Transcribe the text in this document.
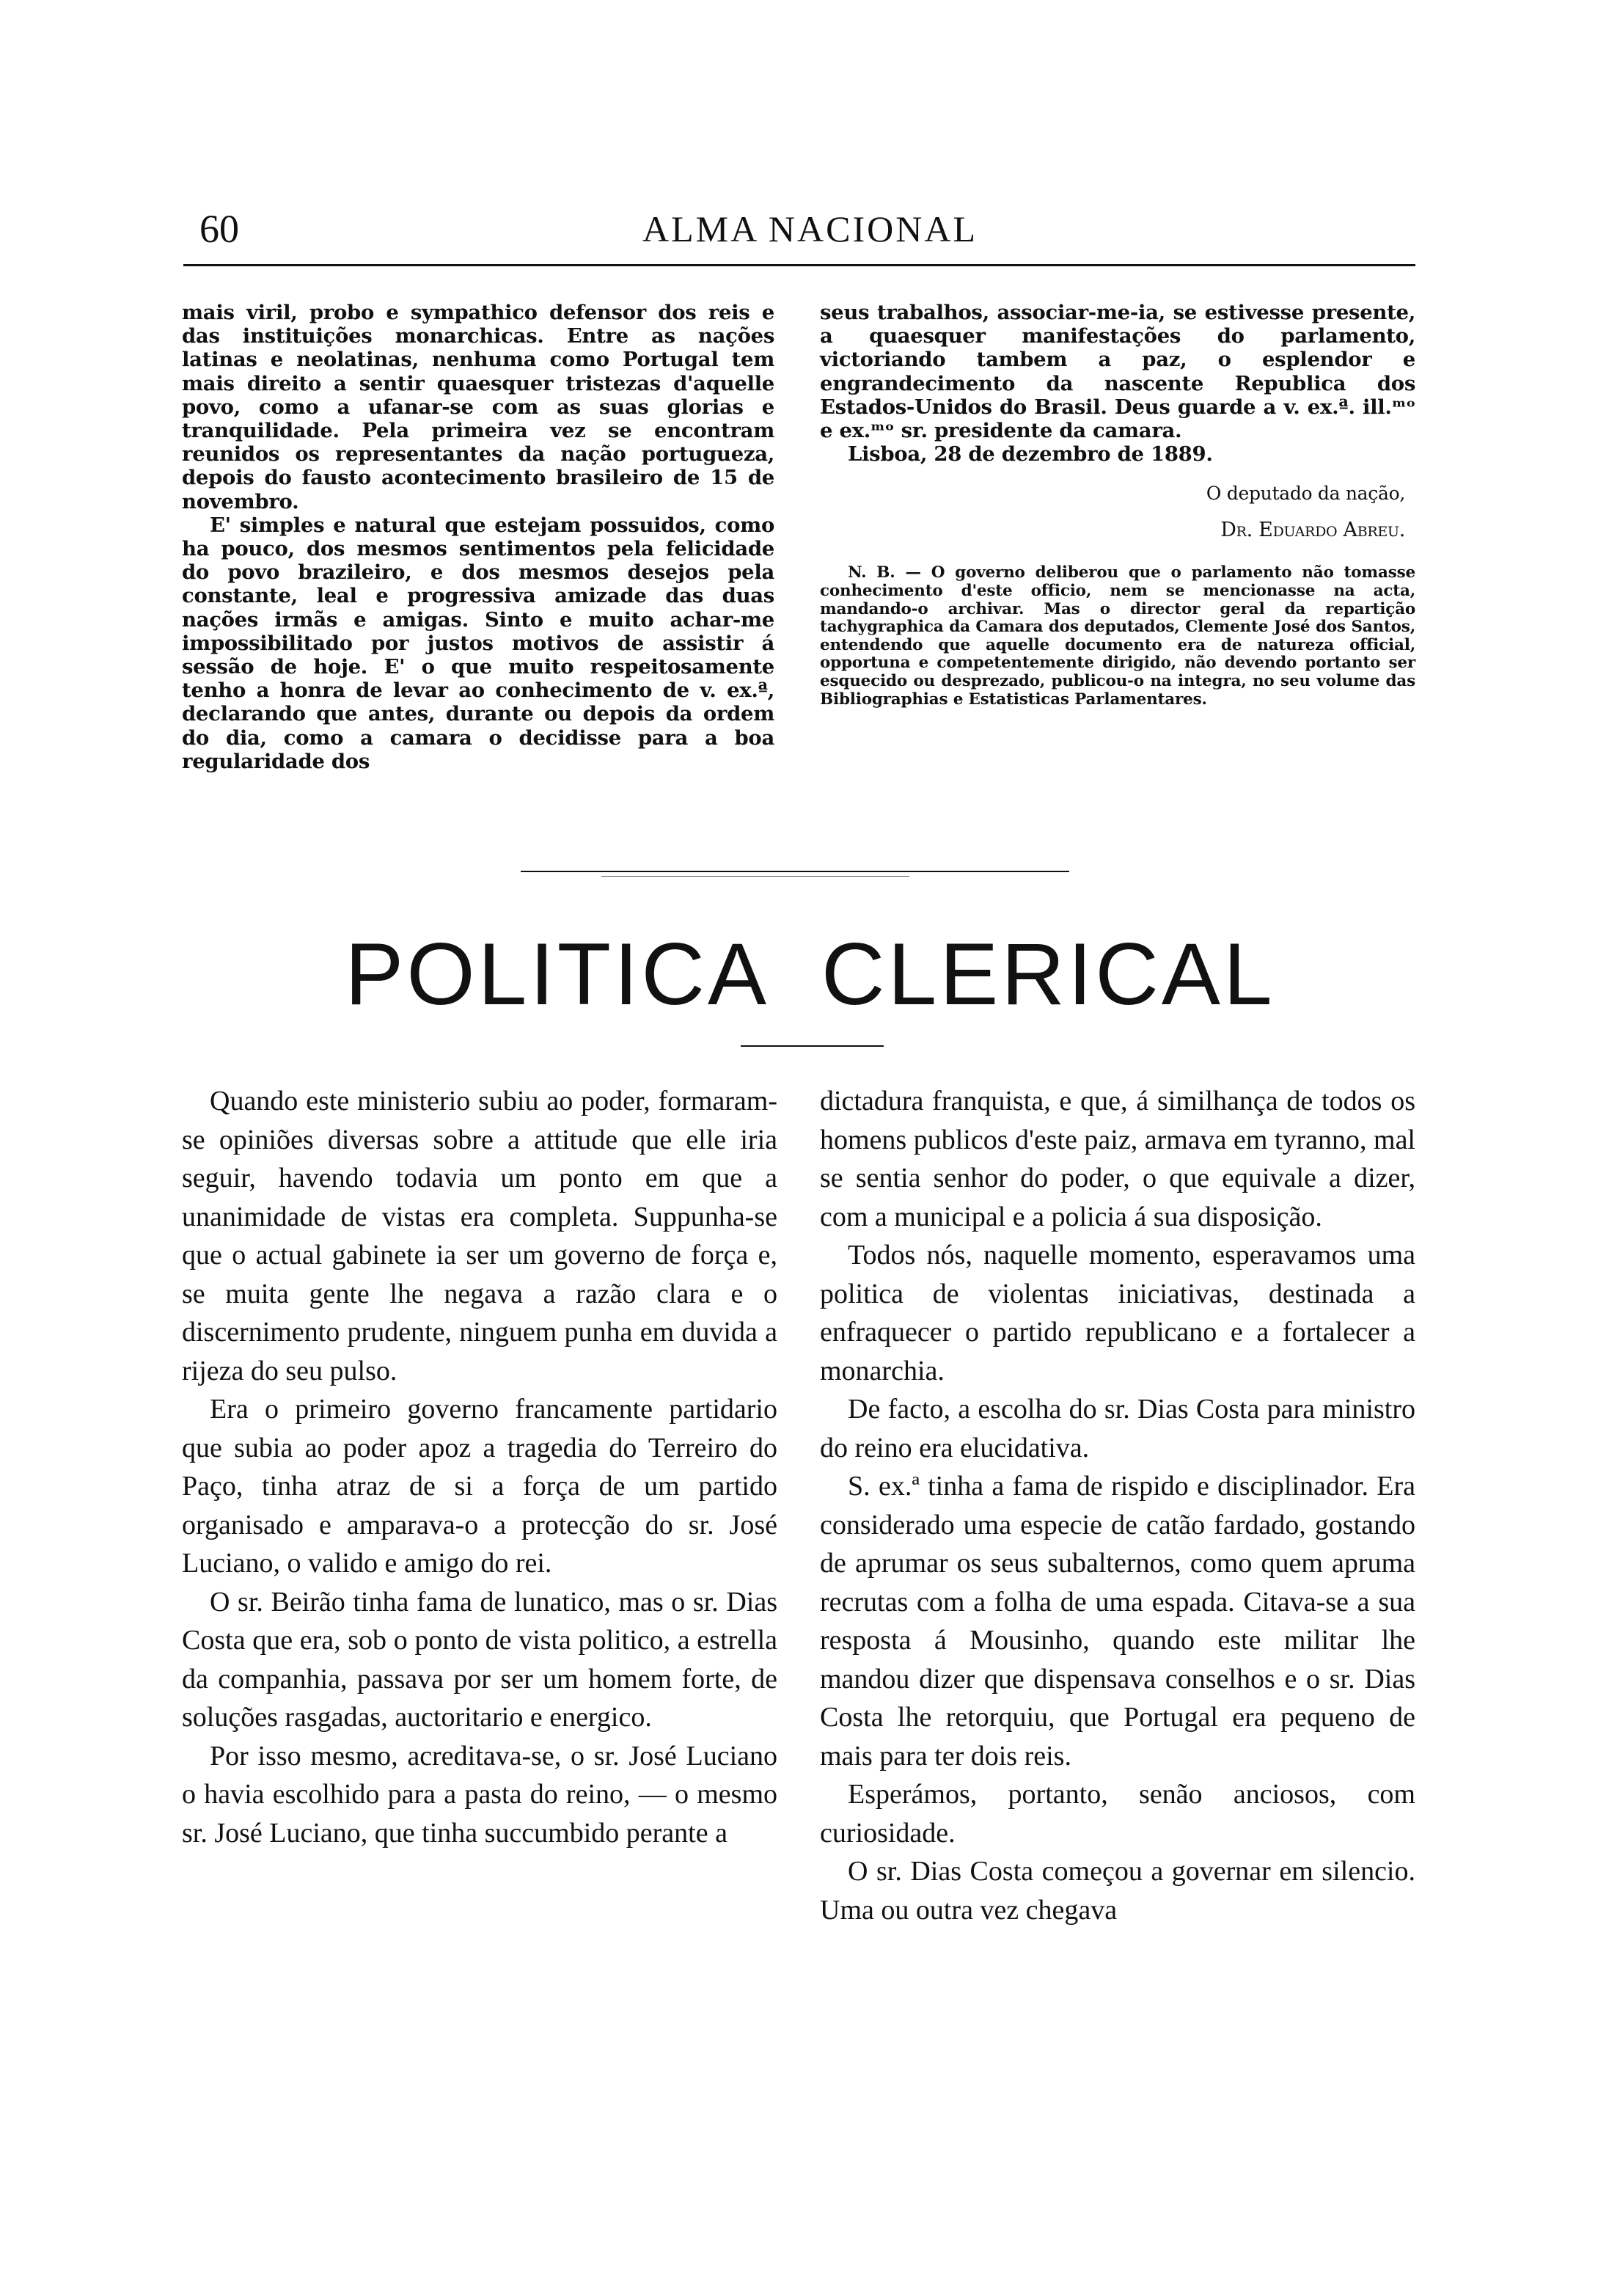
60	ALMA NACIONAL

mais viril, probo e sympathico defensor dos reis e das instituições monarchicas. Entre as nações latinas e neolatinas, nenhuma como Portugal tem mais direito a sentir quaesquer tristezas d'aquelle povo, como a ufanar-se com as suas glorias e tranquilidade. Pela primeira vez se encontram reunidos os representantes da nação portugueza, depois do fausto acontecimento brasileiro de 15 de novembro.

E' simples e natural que estejam possuidos, como ha pouco, dos mesmos sentimentos pela felicidade do povo brazileiro, e dos mesmos desejos pela constante, leal e progressiva amizade das duas nações irmãs e amigas. Sinto e muito achar-me impossibilitado por justos motivos de assistir á sessão de hoje. E' o que muito respeitosamente tenho a honra de levar ao conhecimento de v. ex.ª, declarando que antes, durante ou depois da ordem do dia, como a camara o decidisse para a boa regularidade dos

seus trabalhos, associar-me-ia, se estivesse presente, a quaesquer manifestações do parlamento, victoriando tambem a paz, o esplendor e engrandecimento da nascente Republica dos Estados-Unidos do Brasil. Deus guarde a v. ex.ª. ill.ᵐᵒ e ex.ᵐᵒ sr. presidente da camara.

Lisboa, 28 de dezembro de 1889.

O deputado da nação,

Dr. Eduardo Abreu.

N. B. — O governo deliberou que o parlamento não tomasse conhecimento d'este officio, nem se mencionasse na acta, mandando-o archivar. Mas o director geral da repartição tachygraphica da Camara dos deputados, Clemente José dos Santos, entendendo que aquelle documento era de natureza official, opportuna e competentemente dirigido, não devendo portanto ser esquecido ou desprezado, publicou-o na integra, no seu volume das Bibliographias e Estatisticas Parlamentares.

POLITICA CLERICAL

Quando este ministerio subiu ao poder, formaram-se opiniões diversas sobre a attitude que elle iria seguir, havendo todavia um ponto em que a unanimidade de vistas era completa. Suppunha-se que o actual gabinete ia ser um governo de força e, se muita gente lhe negava a razão clara e o discernimento prudente, ninguem punha em duvida a rijeza do seu pulso.

Era o primeiro governo francamente partidario que subia ao poder apoz a tragedia do Terreiro do Paço, tinha atraz de si a força de um partido organisado e amparava-o a protecção do sr. José Luciano, o valido e amigo do rei.

O sr. Beirão tinha fama de lunatico, mas o sr. Dias Costa que era, sob o ponto de vista politico, a estrella da companhia, passava por ser um homem forte, de soluções rasgadas, auctoritario e energico.

Por isso mesmo, acreditava-se, o sr. José Luciano o havia escolhido para a pasta do reino, — o mesmo sr. José Luciano, que tinha succumbido perante a

dictadura franquista, e que, á similhança de todos os homens publicos d'este paiz, armava em tyranno, mal se sentia senhor do poder, o que equivale a dizer, com a municipal e a policia á sua disposição.

Todos nós, naquelle momento, esperavamos uma politica de violentas iniciativas, destinada a enfraquecer o partido republicano e a fortalecer a monarchia.

De facto, a escolha do sr. Dias Costa para ministro do reino era elucidativa.

S. ex.ª tinha a fama de rispido e disciplinador. Era considerado uma especie de catão fardado, gostando de aprumar os seus subalternos, como quem apruma recrutas com a folha de uma espada. Citava-se a sua resposta á Mousinho, quando este militar lhe mandou dizer que dispensava conselhos e o sr. Dias Costa lhe retorquiu, que Portugal era pequeno de mais para ter dois reis.

Esperámos, portanto, senão anciosos, com curiosidade.

O sr. Dias Costa começou a governar em silencio. Uma ou outra vez chegava
